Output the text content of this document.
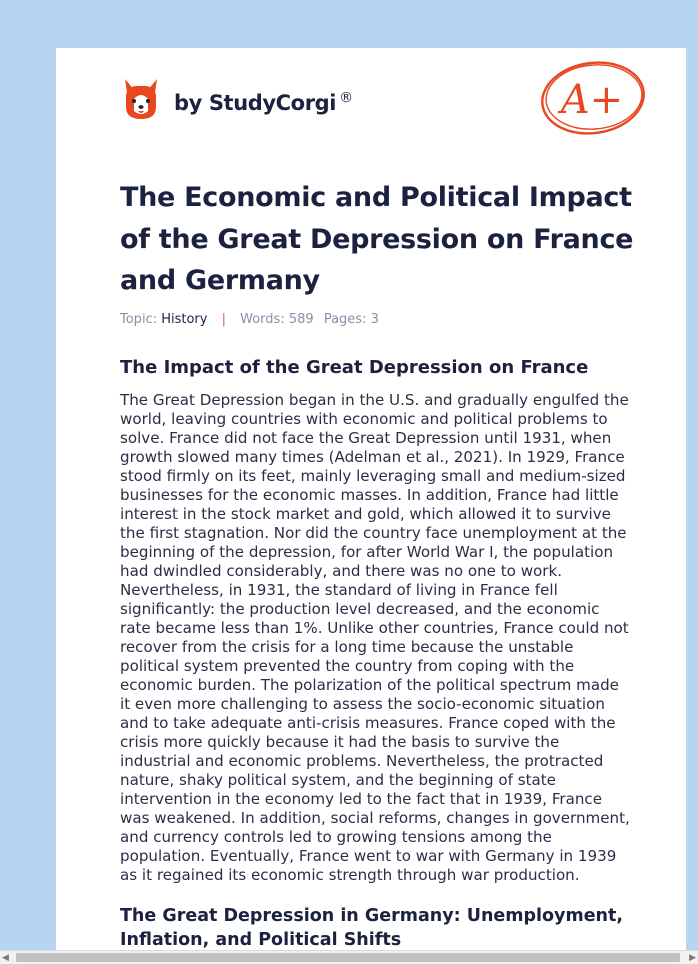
by StudyCorgi ®	A+
The Economic and Political Impact of the Great Depression on France and Germany
Topic: History | Words: 589 Pages: 3
The Impact of the Great Depression on France

The Great Depression began in the U.S. and gradually engulfed the world, leaving countries with economic and political problems to solve. France did not face the Great Depression until 1931, when growth slowed many times (Adelman et al., 2021). In 1929, France stood firmly on its feet, mainly leveraging small and medium-sized businesses for the economic masses. In addition, France had little interest in the stock market and gold, which allowed it to survive the first stagnation. Nor did the country face unemployment at the beginning of the depression, for after World War I, the population had dwindled considerably, and there was no one to work. Nevertheless, in 1931, the standard of living in France fell significantly: the production level decreased, and the economic rate became less than 1%. Unlike other countries, France could not recover from the crisis for a long time because the unstable political system prevented the country from coping with the economic burden. The polarization of the political spectrum made it even more challenging to assess the socio-economic situation and to take adequate anti-crisis measures. France coped with the crisis more quickly because it had the basis to survive the industrial and economic problems. Nevertheless, the protracted nature, shaky political system, and the beginning of state intervention in the economy led to the fact that in 1939, France was weakened. In addition, social reforms, changes in government, and currency controls led to growing tensions among the population. Eventually, France went to war with Germany in 1939 as it regained its economic strength through war production.

The Great Depression in Germany: Unemployment, Inflation, and Political Shifts
◀	▶
